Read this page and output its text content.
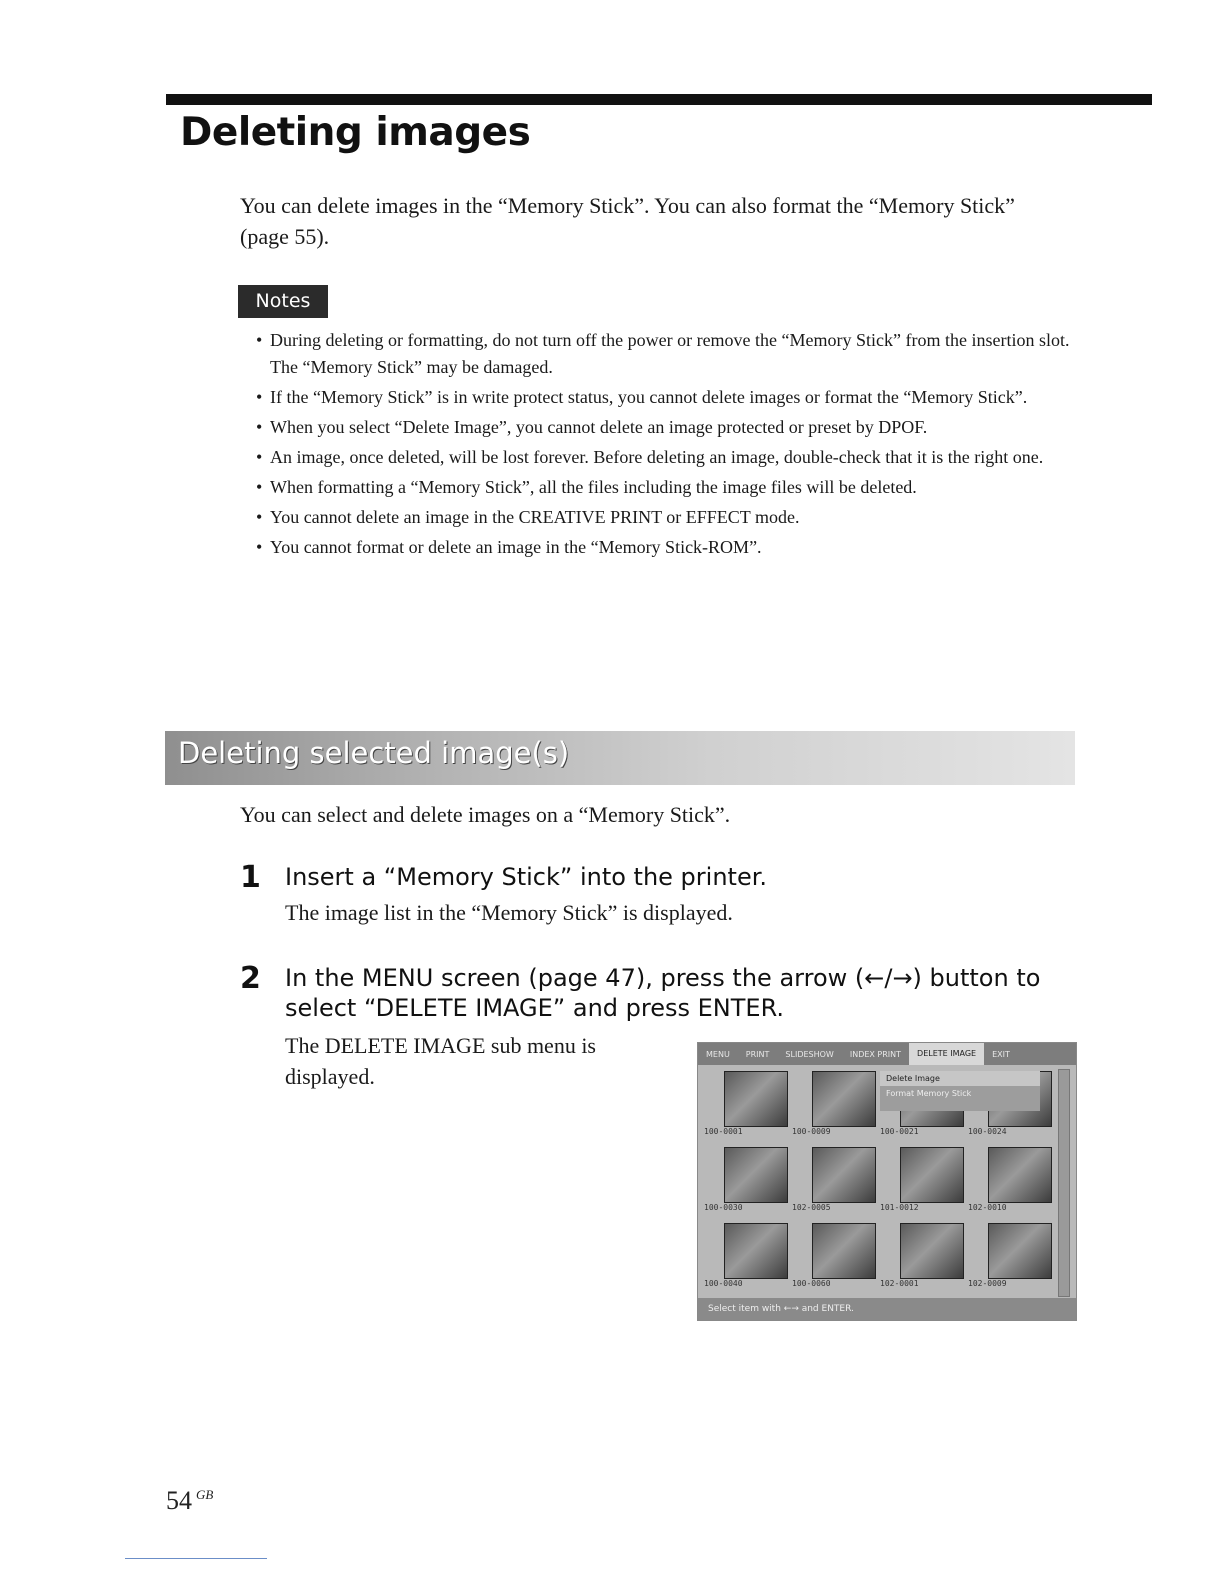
Deleting images

You can delete images in the “Memory Stick”. You can also format the “Memory Stick” (page 55).

Notes
• During deleting or formatting, do not turn off the power or remove the “Memory Stick” from the insertion slot. The “Memory Stick” may be damaged.
• If the “Memory Stick” is in write protect status, you cannot delete images or format the “Memory Stick”.
• When you select “Delete Image”, you cannot delete an image protected or preset by DPOF.
• An image, once deleted, will be lost forever. Before deleting an image, double-check that it is the right one.
• When formatting a “Memory Stick”, all the files including the image files will be deleted.
• You cannot delete an image in the CREATIVE PRINT or EFFECT mode.
• You cannot format or delete an image in the “Memory Stick-ROM”.
Deleting selected image(s)

You can select and delete images on a “Memory Stick”.

1 Insert a “Memory Stick” into the printer.

The image list in the “Memory Stick” is displayed.

2 In the MENU screen (page 47), press the arrow (←/→) button to
select “DELETE IMAGE” and press ENTER.

The DELETE IMAGE sub menu is
displayed.

MENU	PRINT	SLIDESHOW	INDEX PRINT	DELETE IMAGE	EXIT
100-0001	100-0009	100-0021	100-0024
100-0030	102-0005	101-0012	102-0010
100-0040	100-0060	102-0001	102-0009
Delete Image
Format Memory Stick
Select item with ←→ and ENTER.
54 $^{GB}$
